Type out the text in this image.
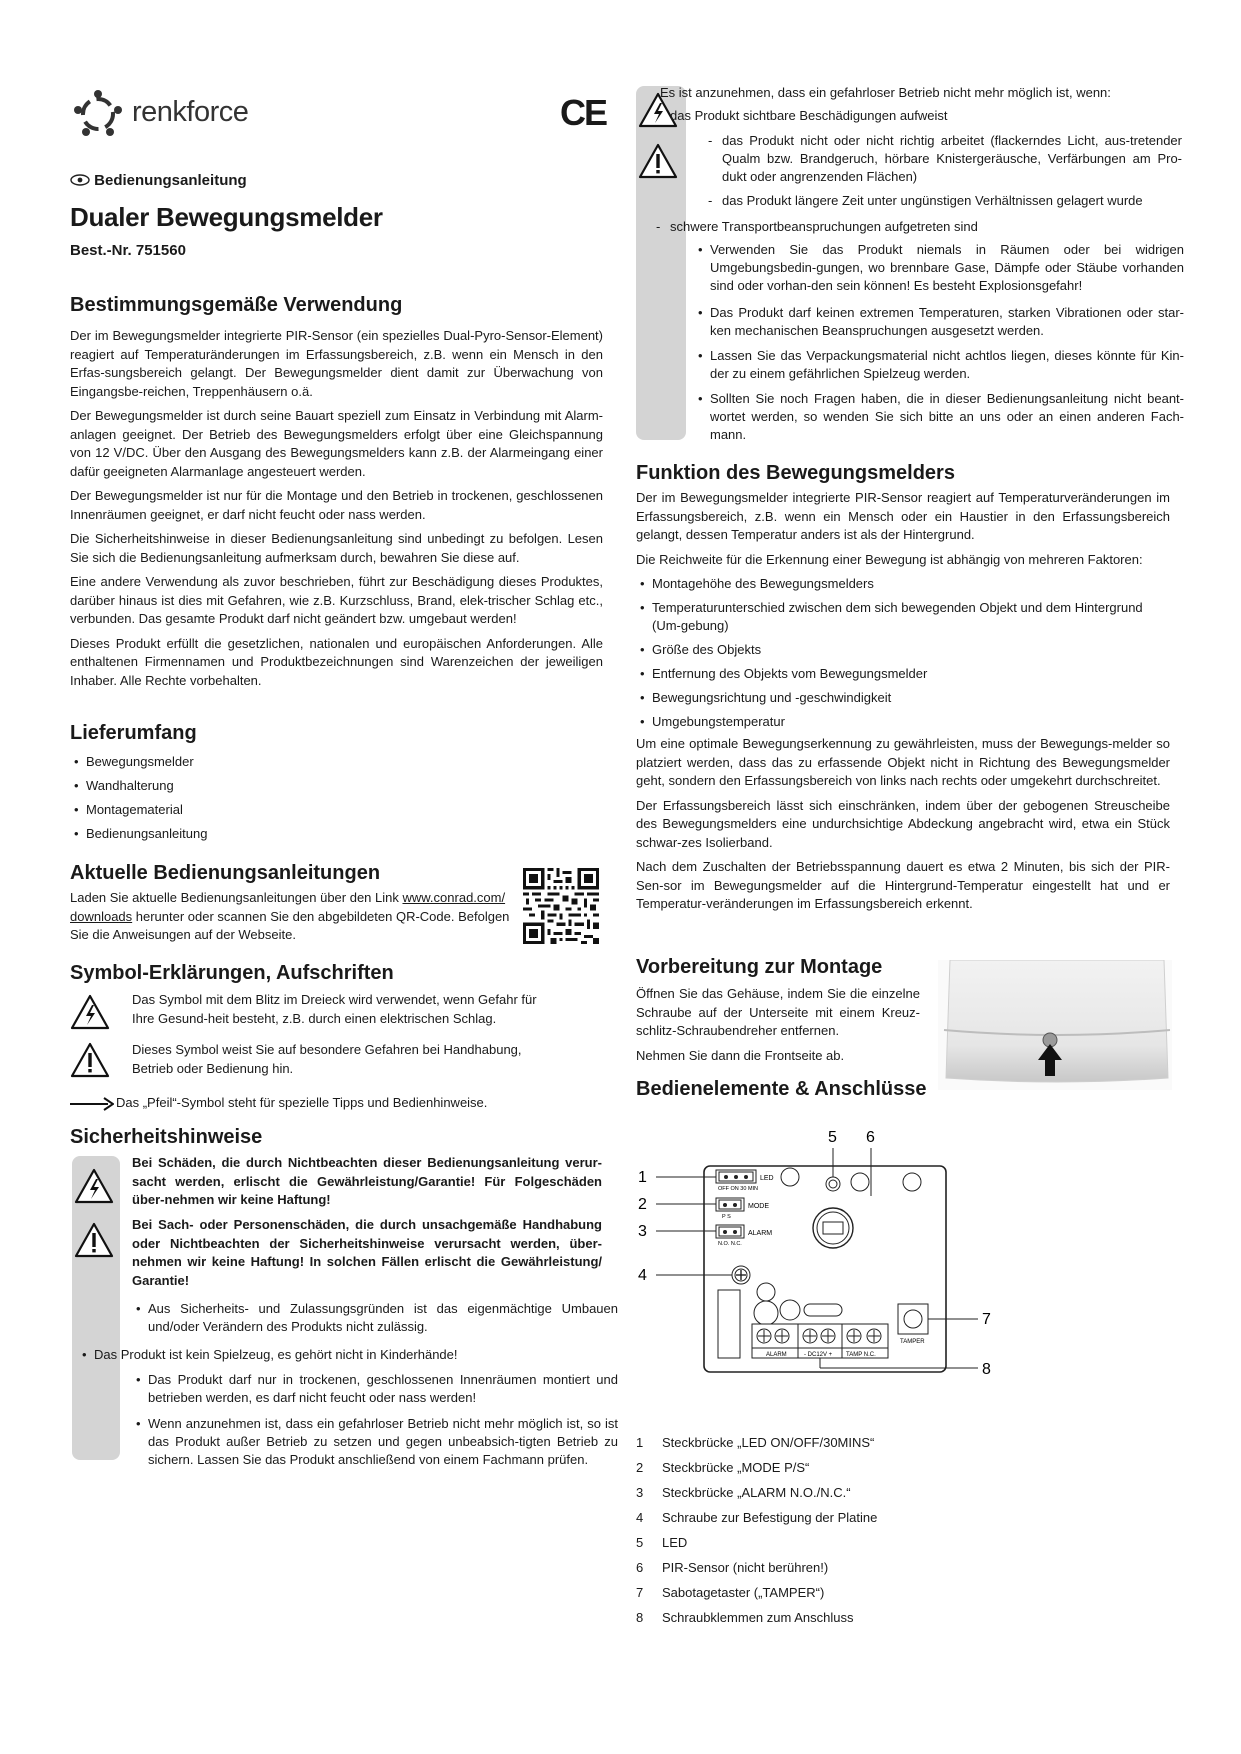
renkforce	CE
Bedienungsanleitung
Dualer Bewegungsmelder
Best.-Nr. 751560
Bestimmungsgemäße Verwendung

Der im Bewegungsmelder integrierte PIR-Sensor (ein spezielles Dual-Pyro-Sensor-Element) reagiert auf Temperaturänderungen im Erfassungsbereich, z.B. wenn ein Mensch in den Erfas-sungsbereich gelangt. Der Bewegungsmelder dient damit zur Überwachung von Eingangsbe-reichen, Treppenhäusern o.ä.

Der Bewegungsmelder ist durch seine Bauart speziell zum Einsatz in Verbindung mit Alarm-anlagen geeignet. Der Betrieb des Bewegungsmelders erfolgt über eine Gleichspannung von 12 V/DC. Über den Ausgang des Bewegungsmelders kann z.B. der Alarmeingang einer dafür geeigneten Alarmanlage angesteuert werden.

Der Bewegungsmelder ist nur für die Montage und den Betrieb in trockenen, geschlossenen Innenräumen geeignet, er darf nicht feucht oder nass werden.

Die Sicherheitshinweise in dieser Bedienungsanleitung sind unbedingt zu befolgen. Lesen Sie sich die Bedienungsanleitung aufmerksam durch, bewahren Sie diese auf.

Eine andere Verwendung als zuvor beschrieben, führt zur Beschädigung dieses Produktes, darüber hinaus ist dies mit Gefahren, wie z.B. Kurzschluss, Brand, elek-trischer Schlag etc., verbunden. Das gesamte Produkt darf nicht geändert bzw. umgebaut werden!

Dieses Produkt erfüllt die gesetzlichen, nationalen und europäischen Anforderungen. Alle enthaltenen Firmennamen und Produktbezeichnungen sind Warenzeichen der jeweiligen Inhaber. Alle Rechte vorbehalten.

Lieferumfang

• Bewegungsmelder

• Wandhalterung

• Montagematerial

• Bedienungsanleitung

Aktuelle Bedienungsanleitungen

Laden Sie aktuelle Bedienungsanleitungen über den Link www.conrad.com/ downloads herunter oder scannen Sie den abgebildeten QR-Code. Befolgen Sie die Anweisungen auf der Webseite.

Symbol-Erklärungen, Aufschriften

Das Symbol mit dem Blitz im Dreieck wird verwendet, wenn Gefahr für Ihre Gesund-heit besteht, z.B. durch einen elektrischen Schlag.

Dieses Symbol weist Sie auf besondere Gefahren bei Handhabung, Betrieb oder Bedienung hin.

Das „Pfeil“-Symbol steht für spezielle Tipps und Bedienhinweise.

Sicherheitshinweise

Bei Schäden, die durch Nichtbeachten dieser Bedienungsanleitung verur-sacht werden, erlischt die Gewährleistung/Garantie! Für Folgeschäden über-nehmen wir keine Haftung!

Bei Sach- oder Personenschäden, die durch unsachgemäße Handhabung oder Nichtbeachten der Sicherheitshinweise verursacht werden, über-nehmen wir keine Haftung! In solchen Fällen erlischt die Gewährleistung/ Garantie!

• Aus Sicherheits- und Zulassungsgründen ist das eigenmächtige Umbauen und/oder Verändern des Produkts nicht zulässig.

• Das Produkt ist kein Spielzeug, es gehört nicht in Kinderhände!

• Das Produkt darf nur in trockenen, geschlossenen Innenräumen montiert und betrieben werden, es darf nicht feucht oder nass werden!

• Wenn anzunehmen ist, dass ein gefahrloser Betrieb nicht mehr möglich ist, so ist das Produkt außer Betrieb zu setzen und gegen unbeabsich-tigten Betrieb zu sichern. Lassen Sie das Produkt anschließend von einem Fachmann prüfen.

Es ist anzunehmen, dass ein gefahrloser Betrieb nicht mehr möglich ist, wenn:

das Produkt sichtbare Beschädigungen aufweist

- das Produkt nicht oder nicht richtig arbeitet (flackerndes Licht, aus-tretender Qualm bzw. Brandgeruch, hörbare Knistergeräusche, Verfärbungen am Pro-dukt oder angrenzenden Flächen)

- das Produkt längere Zeit unter ungünstigen Verhältnissen gelagert wurde

- schwere Transportbeanspruchungen aufgetreten sind

• Verwenden Sie das Produkt niemals in Räumen oder bei widrigen Umgebungsbedin-gungen, wo brennbare Gase, Dämpfe oder Stäube vorhanden sind oder vorhan-den sein können! Es besteht Explosionsgefahr!

• Das Produkt darf keinen extremen Temperaturen, starken Vibrationen oder star-ken mechanischen Beanspruchungen ausgesetzt werden.

• Lassen Sie das Verpackungsmaterial nicht achtlos liegen, dieses könnte für Kin-der zu einem gefährlichen Spielzeug werden.

• Sollten Sie noch Fragen haben, die in dieser Bedienungsanleitung nicht beant-wortet werden, so wenden Sie sich bitte an uns oder an einen anderen Fach-mann.

Funktion des Bewegungsmelders

Der im Bewegungsmelder integrierte PIR-Sensor reagiert auf Temperaturveränderungen im Erfassungsbereich, z.B. wenn ein Mensch oder ein Haustier in den Erfassungsbereich gelangt, dessen Temperatur anders ist als der Hintergrund.

Die Reichweite für die Erkennung einer Bewegung ist abhängig von mehreren Faktoren:

• Montagehöhe des Bewegungsmelders

• Temperaturunterschied zwischen dem sich bewegenden Objekt und dem Hintergrund (Um-gebung)

• Größe des Objekts

• Entfernung des Objekts vom Bewegungsmelder

• Bewegungsrichtung und -geschwindigkeit

• Umgebungstemperatur

Um eine optimale Bewegungserkennung zu gewährleisten, muss der Bewegungs-melder so platziert werden, dass das zu erfassende Objekt nicht in Richtung des Bewegungsmelder geht, sondern den Erfassungsbereich von links nach rechts oder umgekehrt durchschreitet.

Der Erfassungsbereich lässt sich einschränken, indem über der gebogenen Streuscheibe des Bewegungsmelders eine undurchsichtige Abdeckung angebracht wird, etwa ein Stück schwar-zes Isolierband.

Nach dem Zuschalten der Betriebsspannung dauert es etwa 2 Minuten, bis sich der PIR-Sen-sor im Bewegungsmelder auf die Hintergrund-Temperatur eingestellt hat und er Temperatur-veränderungen im Erfassungsbereich erkennt.

Vorbereitung zur Montage

Öffnen Sie das Gehäuse, indem Sie die einzelne Schraube auf der Unterseite mit einem Kreuz-schlitz-Schraubendreher entfernen.

Nehmen Sie dann die Frontseite ab.

Bedienelemente & Anschlüsse
5 6
1
2
3
4
LED
OFF ON 30 MIN
MODE
P S
ALARM
N.O. N.C.
TAMPER
7
ALARM	- DC12V + TAMP N.C.
8

1	Steckbrücke „LED ON/OFF/30MINS“

2	Steckbrücke „MODE P/S“

3	Steckbrücke „ALARM N.O./N.C.“

4	Schraube zur Befestigung der Platine

5	LED

6	PIR-Sensor (nicht berühren!)

7	Sabotagetaster („TAMPER“)

8	Schraubklemmen zum Anschluss
